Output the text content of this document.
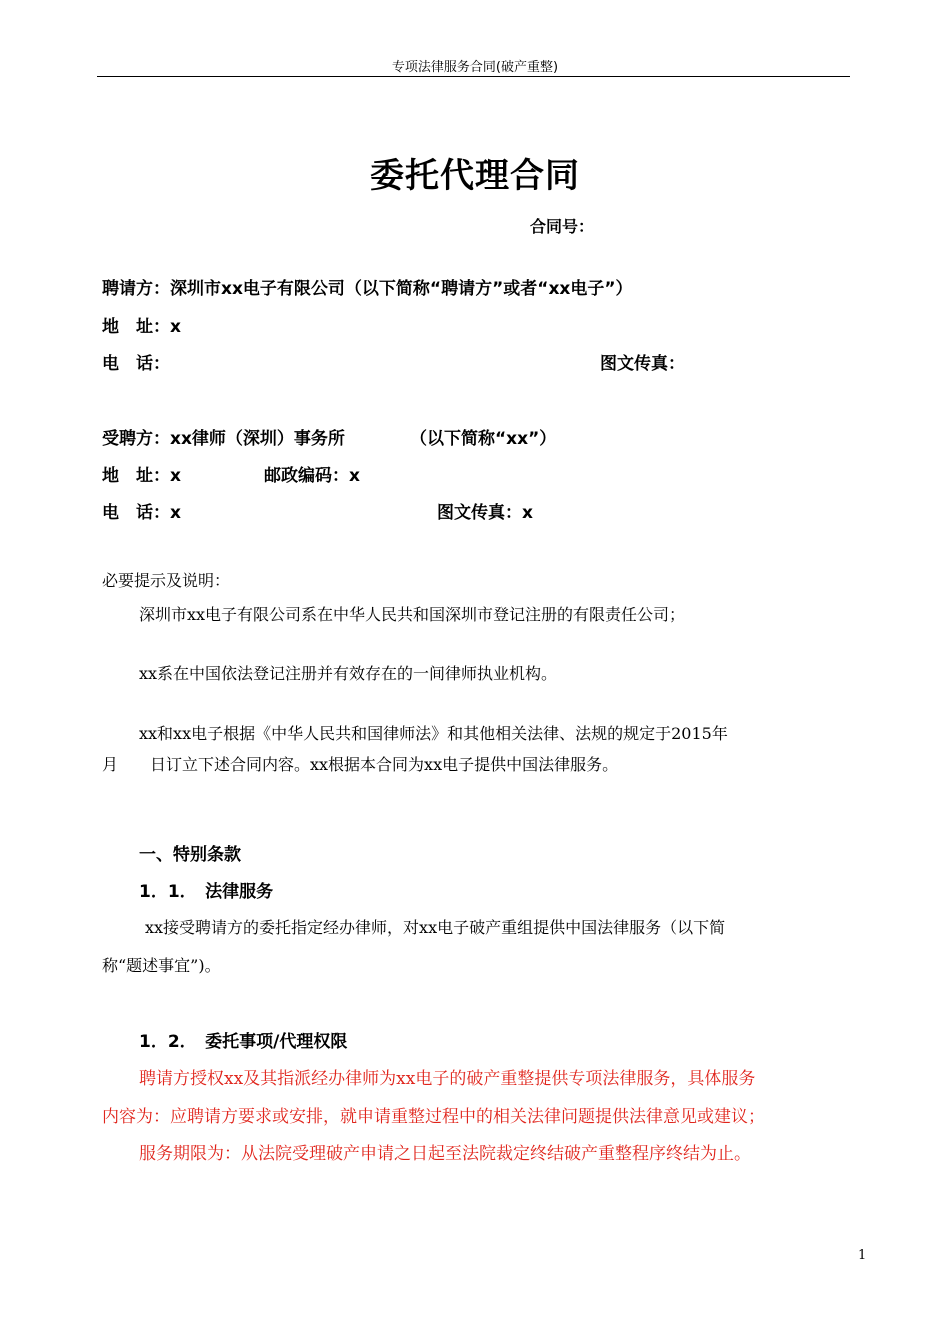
专项法律服务合同(破产重整)
委托代理合同
合同号：
聘请方：深圳市xx电子有限公司（以下简称“聘请方”或者“xx电子”）
地　址：x
电　话：	图文传真：
受聘方：xx律师（深圳）事务所	（以下简称“xx”）
地　址：x	邮政编码：x
电　话：x	图文传真：x
必要提示及说明：
深圳市xx电子有限公司系在中华人民共和国深圳市登记注册的有限责任公司；
xx系在中国依法登记注册并有效存在的一间律师执业机构。
xx和xx电子根据《中华人民共和国律师法》和其他相关法律、法规的规定于2015年
月　　日订立下述合同内容。xx根据本合同为xx电子提供中国法律服务。
一、特别条款
1．1．　法律服务
xx接受聘请方的委托指定经办律师，对xx电子破产重组提供中国法律服务（以下简
称“题述事宜”)。
1．2．　委托事项/代理权限
聘请方授权xx及其指派经办律师为xx电子的破产重整提供专项法律服务，具体服务
内容为：应聘请方要求或安排，就申请重整过程中的相关法律问题提供法律意见或建议；
服务期限为：从法院受理破产申请之日起至法院裁定终结破产重整程序终结为止。
1
